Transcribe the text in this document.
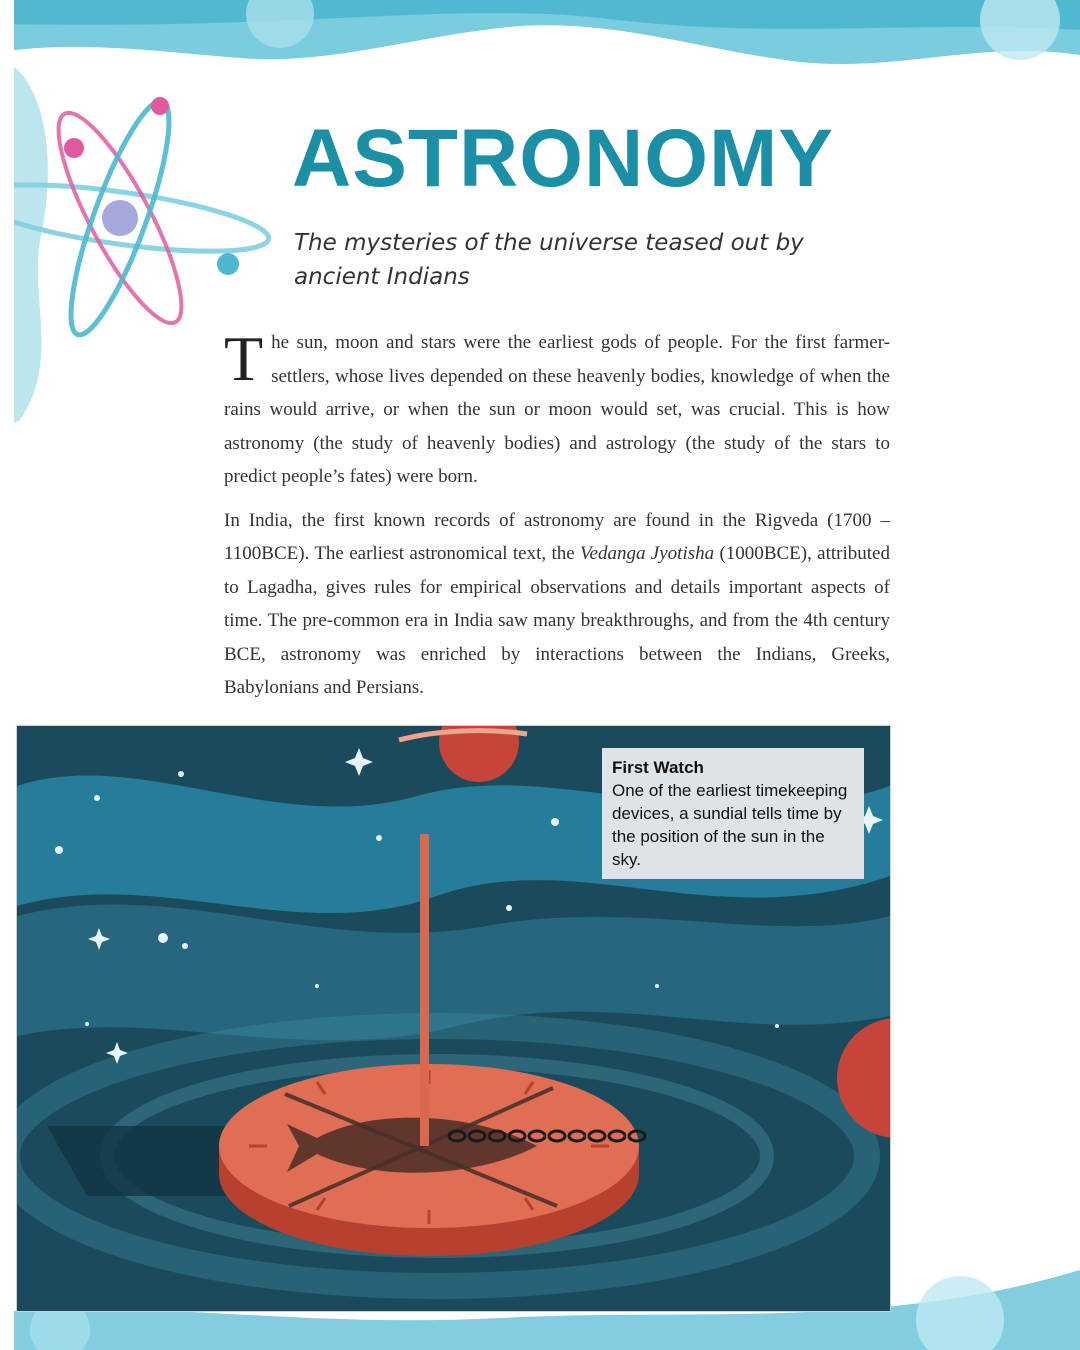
ASTRONOMY

The mysteries of the universe teased out by ancient Indians

The sun, moon and stars were the earliest gods of people. For the first farmer-settlers, whose lives depended on these heavenly bodies, knowledge of when the rains would arrive, or when the sun or moon would set, was crucial. This is how astronomy (the study of heavenly bodies) and astrology (the study of the stars to predict people’s fates) were born.

In India, the first known records of astronomy are found in the Rigveda (1700 – 1100BCE). The earliest astronomical text, the Vedanga Jyotisha (1000BCE), attributed to Lagadha, gives rules for empirical observations and details important aspects of time. The pre-common era in India saw many breakthroughs, and from the 4th century BCE, astronomy was enriched by interactions between the Indians, Greeks, Babylonians and Persians.

First Watch
One of the earliest timekeeping devices, a sundial tells time by the position of the sun in the sky.
